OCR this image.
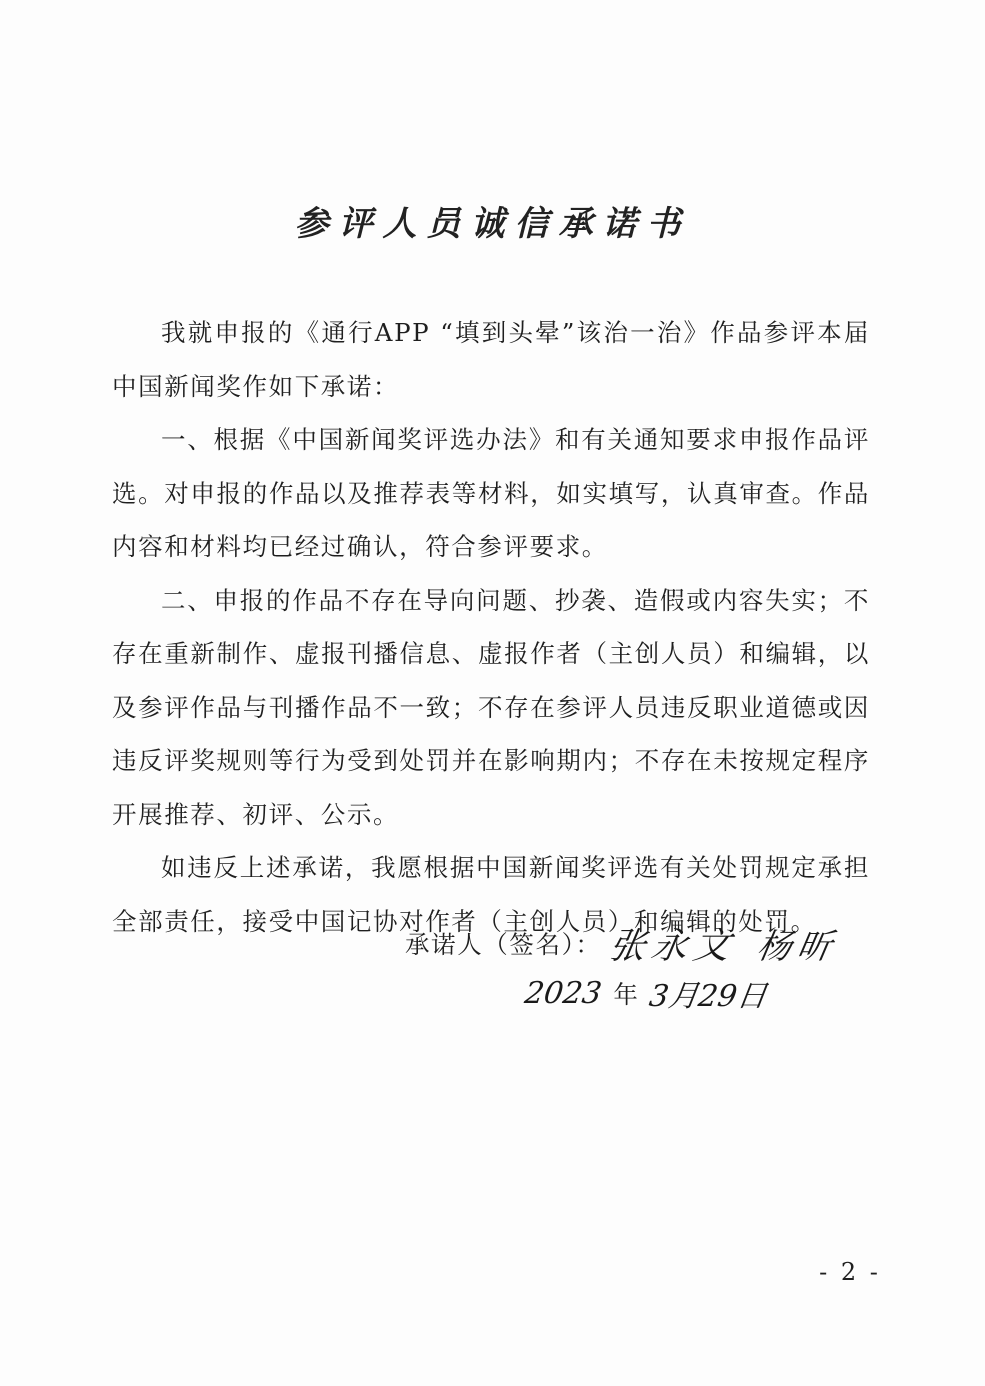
参评人员诚信承诺书

我就申报的《通行APP “填到头晕”该治一治》作品参评本届中国新闻奖作如下承诺：

一、根据《中国新闻奖评选办法》和有关通知要求申报作品评选。对申报的作品以及推荐表等材料，如实填写，认真审查。作品内容和材料均已经过确认，符合参评要求。

二、申报的作品不存在导向问题、抄袭、造假或内容失实；不存在重新制作、虚报刊播信息、虚报作者（主创人员）和编辑，以及参评作品与刊播作品不一致；不存在参评人员违反职业道德或因违反评奖规则等行为受到处罚并在影响期内；不存在未按规定程序开展推荐、初评、公示。

如违反上述承诺，我愿根据中国新闻奖评选有关处罚规定承担全部责任，接受中国记协对作者（主创人员）和编辑的处罚。

承诺人（签名）： 张永文 杨昕
2023 年 3月29日
- 2 -
